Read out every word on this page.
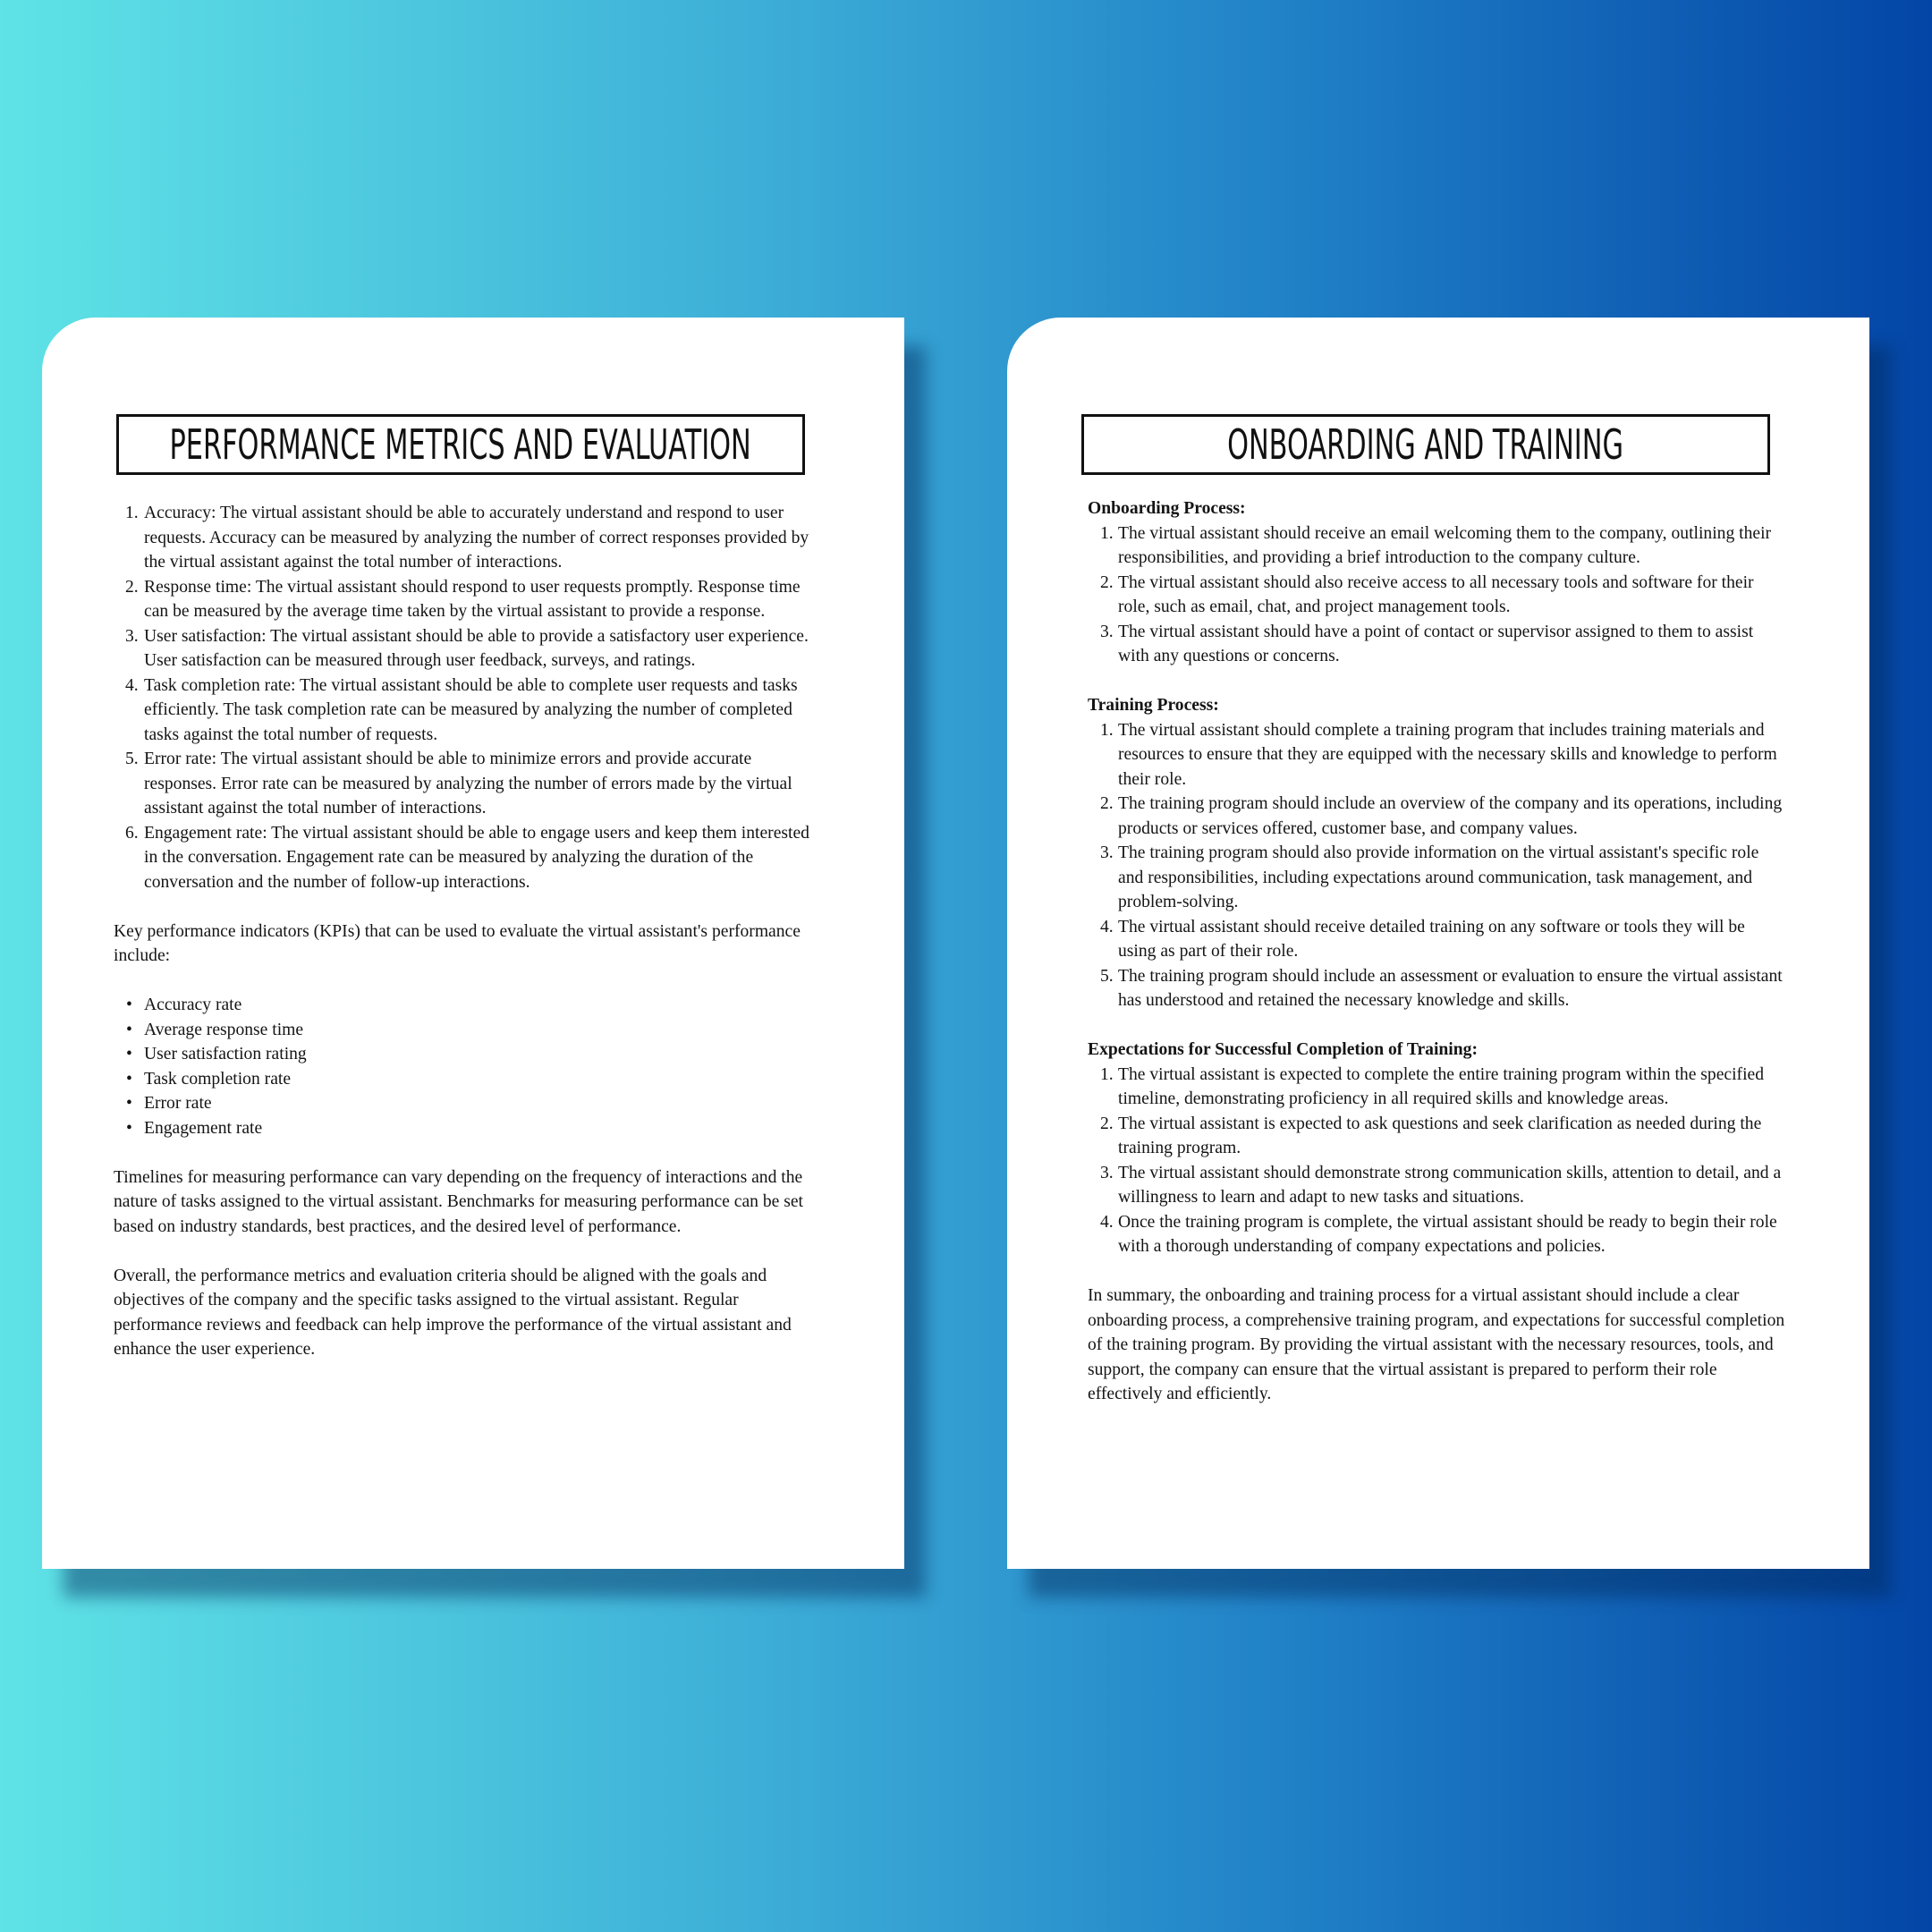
PERFORMANCE METRICS AND EVALUATION
Accuracy: The virtual assistant should be able to accurately understand and respond to user requests. Accuracy can be measured by analyzing the number of correct responses provided by the virtual assistant against the total number of interactions.
Response time: The virtual assistant should respond to user requests promptly. Response time can be measured by the average time taken by the virtual assistant to provide a response.
User satisfaction: The virtual assistant should be able to provide a satisfactory user experience. User satisfaction can be measured through user feedback, surveys, and ratings.
Task completion rate: The virtual assistant should be able to complete user requests and tasks efficiently. The task completion rate can be measured by analyzing the number of completed tasks against the total number of requests.
Error rate: The virtual assistant should be able to minimize errors and provide accurate responses. Error rate can be measured by analyzing the number of errors made by the virtual assistant against the total number of interactions.
Engagement rate: The virtual assistant should be able to engage users and keep them interested in the conversation. Engagement rate can be measured by analyzing the duration of the conversation and the number of follow-up interactions.

Key performance indicators (KPIs) that can be used to evaluate the virtual assistant's performance include:

• Accuracy rate
• Average response time
• User satisfaction rating
• Task completion rate
• Error rate
• Engagement rate

Timelines for measuring performance can vary depending on the frequency of interactions and the nature of tasks assigned to the virtual assistant. Benchmarks for measuring performance can be set based on industry standards, best practices, and the desired level of performance.

Overall, the performance metrics and evaluation criteria should be aligned with the goals and objectives of the company and the specific tasks assigned to the virtual assistant. Regular performance reviews and feedback can help improve the performance of the virtual assistant and enhance the user experience.

ONBOARDING AND TRAINING

Onboarding Process:

The virtual assistant should receive an email welcoming them to the company, outlining their responsibilities, and providing a brief introduction to the company culture.
The virtual assistant should also receive access to all necessary tools and software for their role, such as email, chat, and project management tools.
The virtual assistant should have a point of contact or supervisor assigned to them to assist with any questions or concerns.

Training Process:

The virtual assistant should complete a training program that includes training materials and resources to ensure that they are equipped with the necessary skills and knowledge to perform their role.
The training program should include an overview of the company and its operations, including products or services offered, customer base, and company values.
The training program should also provide information on the virtual assistant's specific role and responsibilities, including expectations around communication, task management, and problem-solving.
The virtual assistant should receive detailed training on any software or tools they will be using as part of their role.
The training program should include an assessment or evaluation to ensure the virtual assistant has understood and retained the necessary knowledge and skills.

Expectations for Successful Completion of Training:

The virtual assistant is expected to complete the entire training program within the specified timeline, demonstrating proficiency in all required skills and knowledge areas.
The virtual assistant is expected to ask questions and seek clarification as needed during the training program.
The virtual assistant should demonstrate strong communication skills, attention to detail, and a willingness to learn and adapt to new tasks and situations.
Once the training program is complete, the virtual assistant should be ready to begin their role with a thorough understanding of company expectations and policies.

In summary, the onboarding and training process for a virtual assistant should include a clear onboarding process, a comprehensive training program, and expectations for successful completion of the training program. By providing the virtual assistant with the necessary resources, tools, and support, the company can ensure that the virtual assistant is prepared to perform their role effectively and efficiently.
